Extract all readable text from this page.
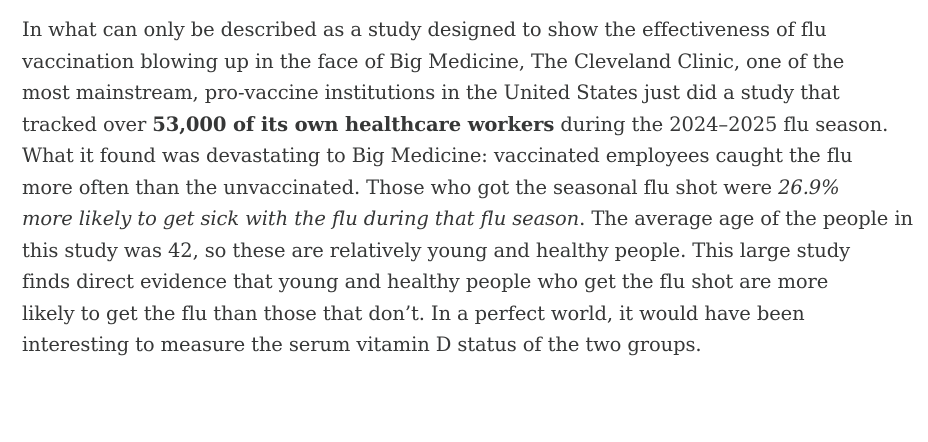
In what can only be described as a study designed to show the effectiveness of flu
vaccination blowing up in the face of Big Medicine, The Cleveland Clinic, one of the
most mainstream, pro-vaccine institutions in the United States just did a study that
tracked over 53,000 of its own healthcare workers during the 2024–2025 flu season.
What it found was devastating to Big Medicine: vaccinated employees caught the flu
more often than the unvaccinated. Those who got the seasonal flu shot were 26.9%
more likely to get sick with the flu during that flu season. The average age of the people in
this study was 42, so these are relatively young and healthy people. This large study
finds direct evidence that young and healthy people who get the flu shot are more
likely to get the flu than those that don’t. In a perfect world, it would have been
interesting to measure the serum vitamin D status of the two groups.
